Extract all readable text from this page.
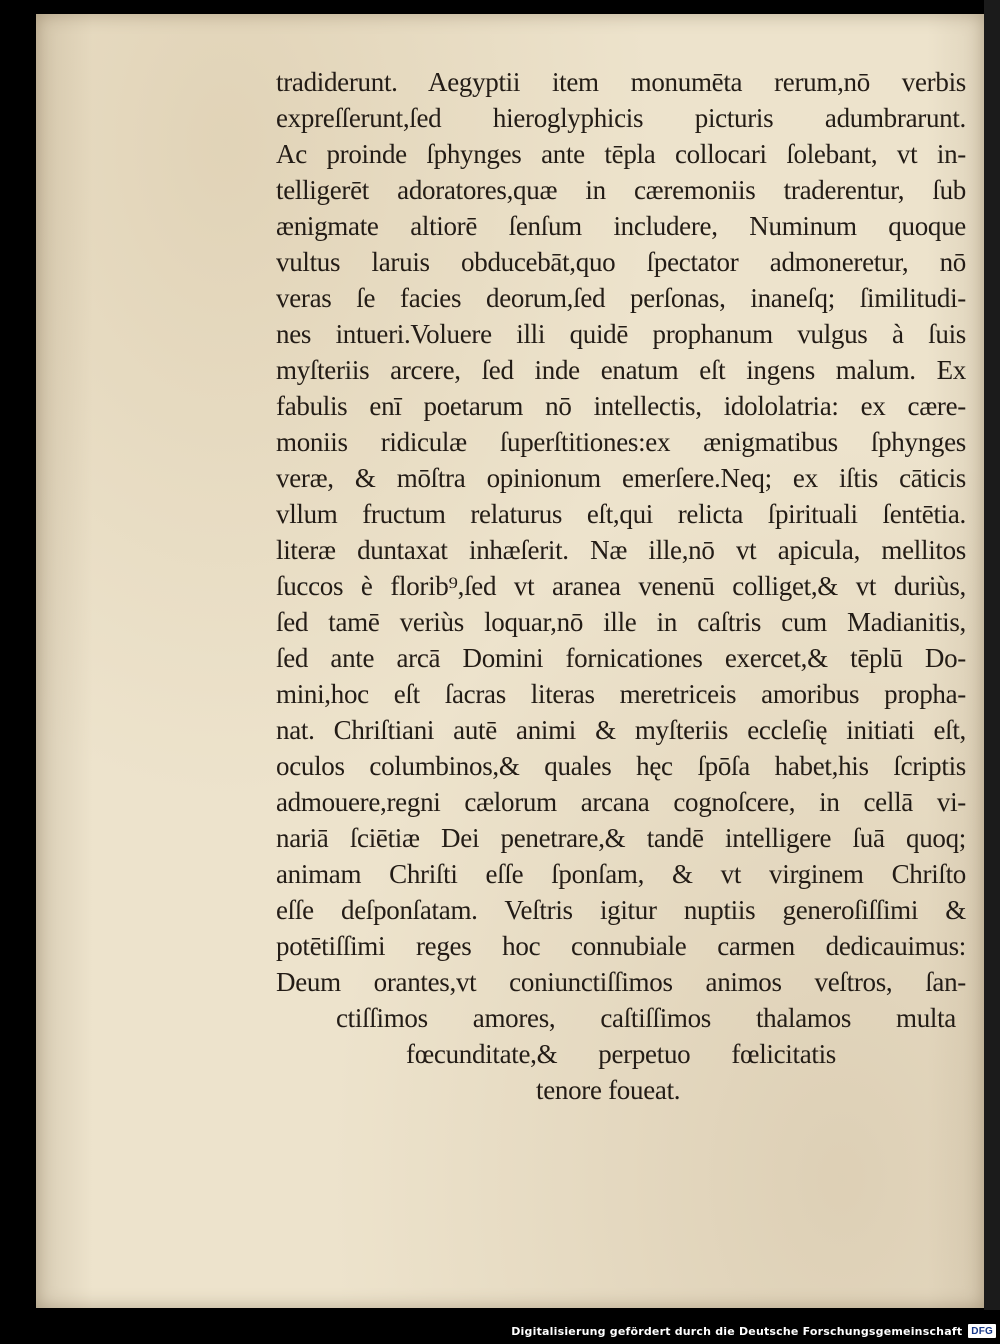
tradiderunt. Aegyptii item monumēta rerum,nō verbis
expreſſerunt,ſed hieroglyphicis picturis adumbrarunt.
Ac proinde ſphynges ante tēpla collocari ſolebant, vt in-
telligerēt adoratores,quæ in cæremoniis traderentur, ſub
ænigmate altiorē ſenſum includere, Numinum quoque
vultus laruis obducebāt,quo ſpectator admoneretur, nō
veras ſe facies deorum,ſed perſonas, inaneſq; ſimilitudi-
nes intueri.Voluere illi quidē prophanum vulgus à ſuis
myſteriis arcere, ſed inde enatum eſt ingens malum. Ex
fabulis enī poetarum nō intellectis, idololatria: ex cære-
moniis ridiculæ ſuperſtitiones:ex ænigmatibus ſphynges
veræ, & mōſtra opinionum emerſere.Neq; ex iſtis cāticis
vllum fructum relaturus eſt,qui relicta ſpirituali ſentētia.
literæ duntaxat inhæſerit. Næ ille,nō vt apicula, mellitos
ſuccos è florib⁹,ſed vt aranea venenū colliget,& vt duriùs,
ſed tamē veriùs loquar,nō ille in caſtris cum Madianitis,
ſed ante arcā Domini fornicationes exercet,& tēplū Do-
mini,hoc eſt ſacras literas meretriceis amoribus propha-
nat. Chriſtiani autē animi & myſteriis eccleſię initiati eſt,
oculos columbinos,& quales hęc ſpōſa habet,his ſcriptis
admouere,regni cælorum arcana cognoſcere, in cellā vi-
nariā ſciētiæ Dei penetrare,& tandē intelligere ſuā quoq;
animam Chriſti eſſe ſponſam, & vt virginem Chriſto
eſſe deſponſatam. Veſtris igitur nuptiis generoſiſſimi &
potētiſſimi reges hoc connubiale carmen dedicauimus:
Deum orantes,vt coniunctiſſimos animos veſtros, ſan-
ctiſſimos amores, caſtiſſimos thalamos multa
fœcunditate,& perpetuo fœlicitatis
tenore foueat.
Digitalisierung gefördert durch die Deutsche Forschungsgemeinschaft DFG
